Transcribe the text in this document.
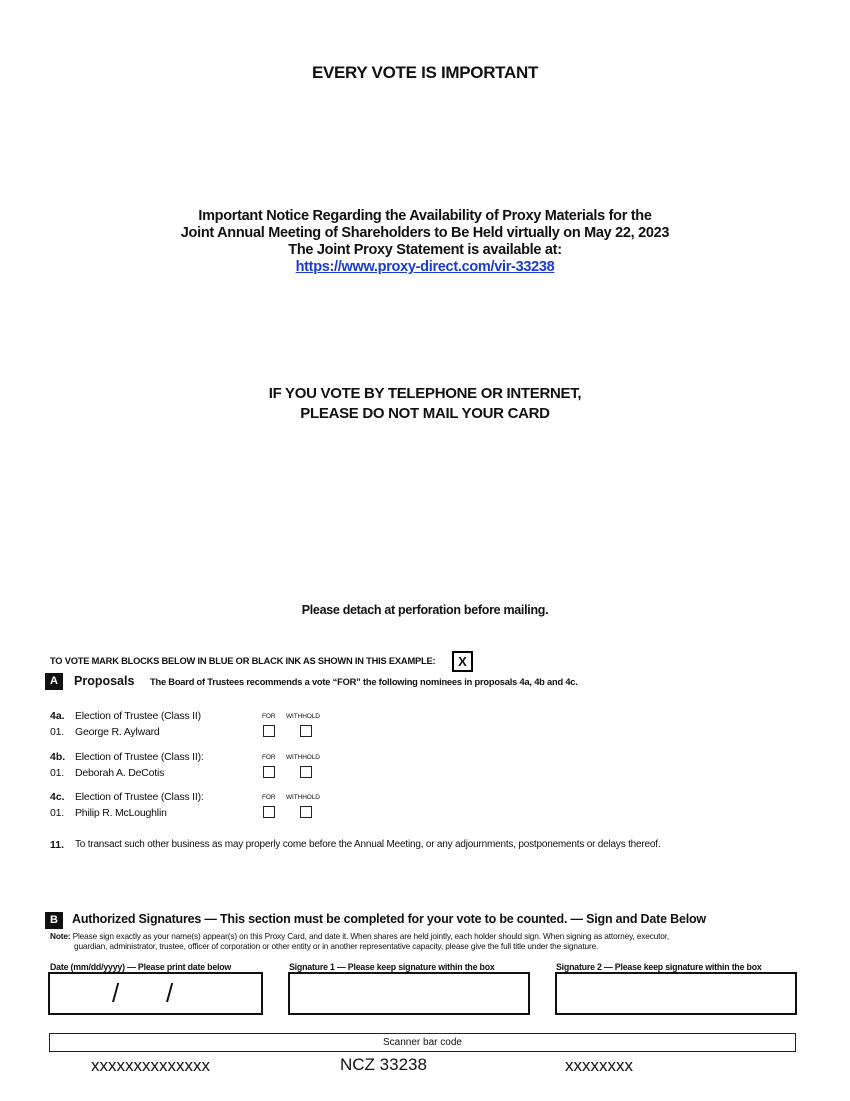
EVERY VOTE IS IMPORTANT
Important Notice Regarding the Availability of Proxy Materials for the
Joint Annual Meeting of Shareholders to Be Held virtually on May 22, 2023
The Joint Proxy Statement is available at:
https://www.proxy-direct.com/vir-33238
IF YOU VOTE BY TELEPHONE OR INTERNET,
PLEASE DO NOT MAIL YOUR CARD
Please detach at perforation before mailing.
TO VOTE MARK BLOCKS BELOW IN BLUE OR BLACK INK AS SHOWN IN THIS EXAMPLE:	X
A	Proposals The Board of Trustees recommends a vote “FOR” the following nominees in proposals 4a, 4b and 4c.
4a. Election of Trustee (Class II)
01. George R. Aylward
FOR WITHHOLD
4b. Election of Trustee (Class II):
01. Deborah A. DeCotis
FOR WITHHOLD
4c. Election of Trustee (Class II):
01. Philip R. McLoughlin
FOR WITHHOLD
11. To transact such other business as may properly come before the Annual Meeting, or any adjournments, postponements or delays thereof.
B	Authorized Signatures — This section must be completed for your vote to be counted. — Sign and Date Below
Note: Please sign exactly as your name(s) appear(s) on this Proxy Card, and date it. When shares are held jointly, each holder should sign. When signing as attorney, executor,
guardian, administrator, trustee, officer of corporation or other entity or in another representative capacity, please give the full title under the signature.
Date (mm/dd/yyyy) — Please print date below	Signature 1 — Please keep signature within the box	Signature 2 — Please keep signature within the box
/ /
Scanner bar code
xxxxxxxxxxxxxx	NCZ 33238	xxxxxxxx
